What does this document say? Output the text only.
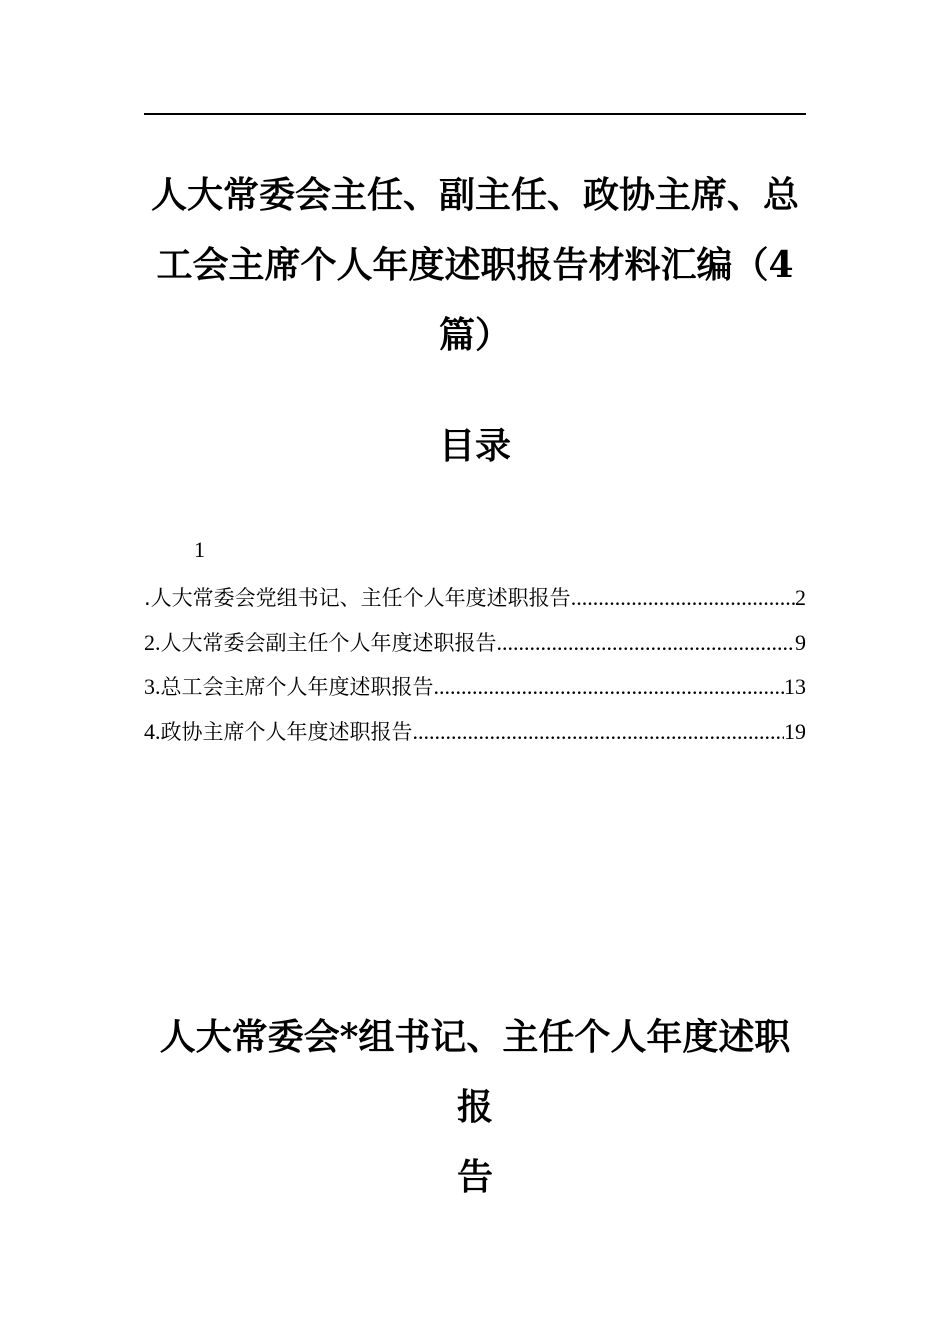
人大常委会主任、副主任、政协主席、总
工会主席个人年度述职报告材料汇编（4
篇）
目录
1
.人大常委会党组书记、主任个人年度述职报告 .....	2
2. 人大常委会副主任个人年度述职报告 .....	9
3. 总工会主席个人年度述职报告 .....	13
4. 政协主席个人年度述职报告 .....	19
人大常委会*组书记、主任个人年度述职报
告
